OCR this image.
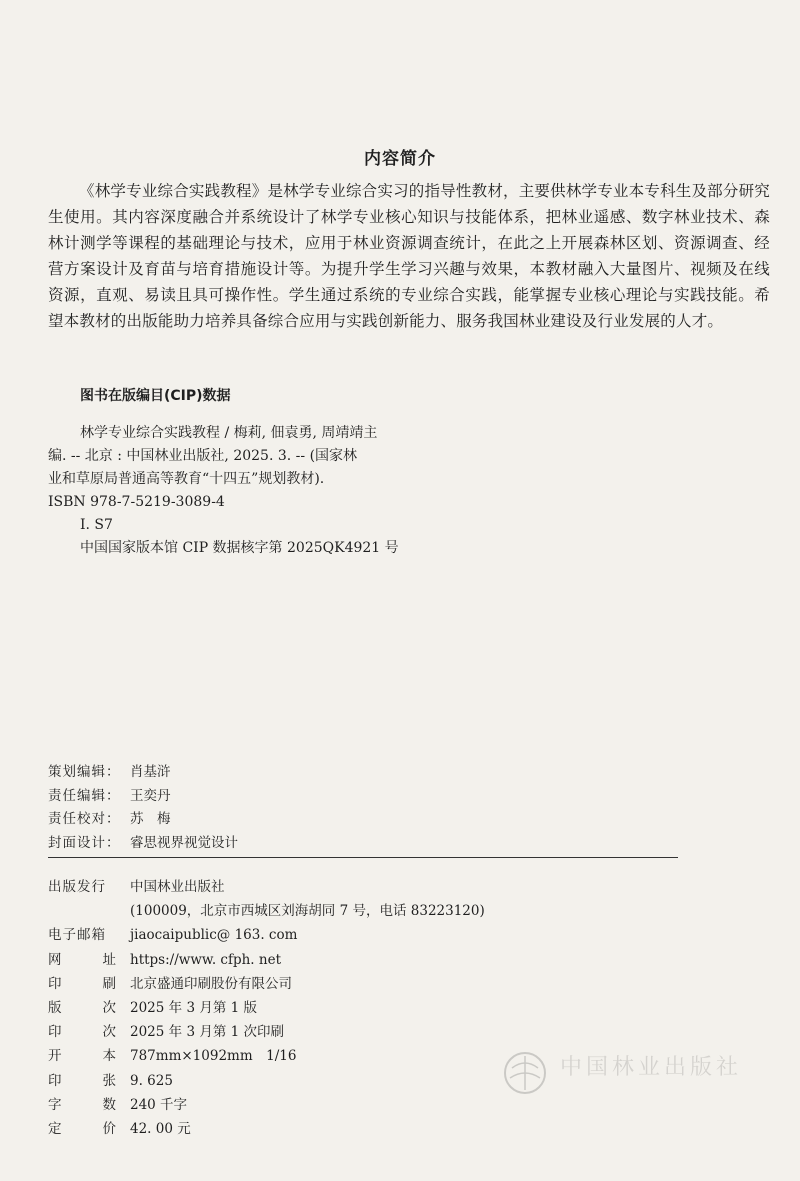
内容简介
《林学专业综合实践教程》是林学专业综合实习的指导性教材，主要供林学专业本专科生及部分研究生使用。其内容深度融合并系统设计了林学专业核心知识与技能体系，把林业遥感、数字林业技术、森林计测学等课程的基础理论与技术，应用于林业资源调查统计，在此之上开展森林区划、资源调查、经营方案设计及育苗与培育措施设计等。为提升学生学习兴趣与效果，本教材融入大量图片、视频及在线资源，直观、易读且具可操作性。学生通过系统的专业综合实践，能掌握专业核心理论与实践技能。希望本教材的出版能助力培养具备综合应用与实践创新能力、服务我国林业建设及行业发展的人才。
图书在版编目(CIP)数据
林学专业综合实践教程 / 梅莉, 佃袁勇, 周靖靖主
编. -- 北京 : 中国林业出版社, 2025. 3. -- (国家林
业和草原局普通高等教育“十四五”规划教材).
ISBN 978-7-5219-3089-4
Ⅰ. S7
中国国家版本馆 CIP 数据核字第 2025QK4921 号
策划编辑： 肖基浒
责任编辑： 王奕丹
责任校对： 苏　梅
封面设计： 睿思视界视觉设计
出版发行	中国林业出版社
(100009，北京市西城区刘海胡同 7 号，电话 83223120)
电子邮箱	jiaocaipublic@ 163. com
网	址 https://www. cfph. net
印	刷 北京盛通印刷股份有限公司
版	次 2025 年 3 月第 1 版
印	次 2025 年 3 月第 1 次印刷
开	本 787mm×1092mm　1/16
印	张 9. 625
字	数 240 千字
定	价 42. 00 元
中国林业出版社
